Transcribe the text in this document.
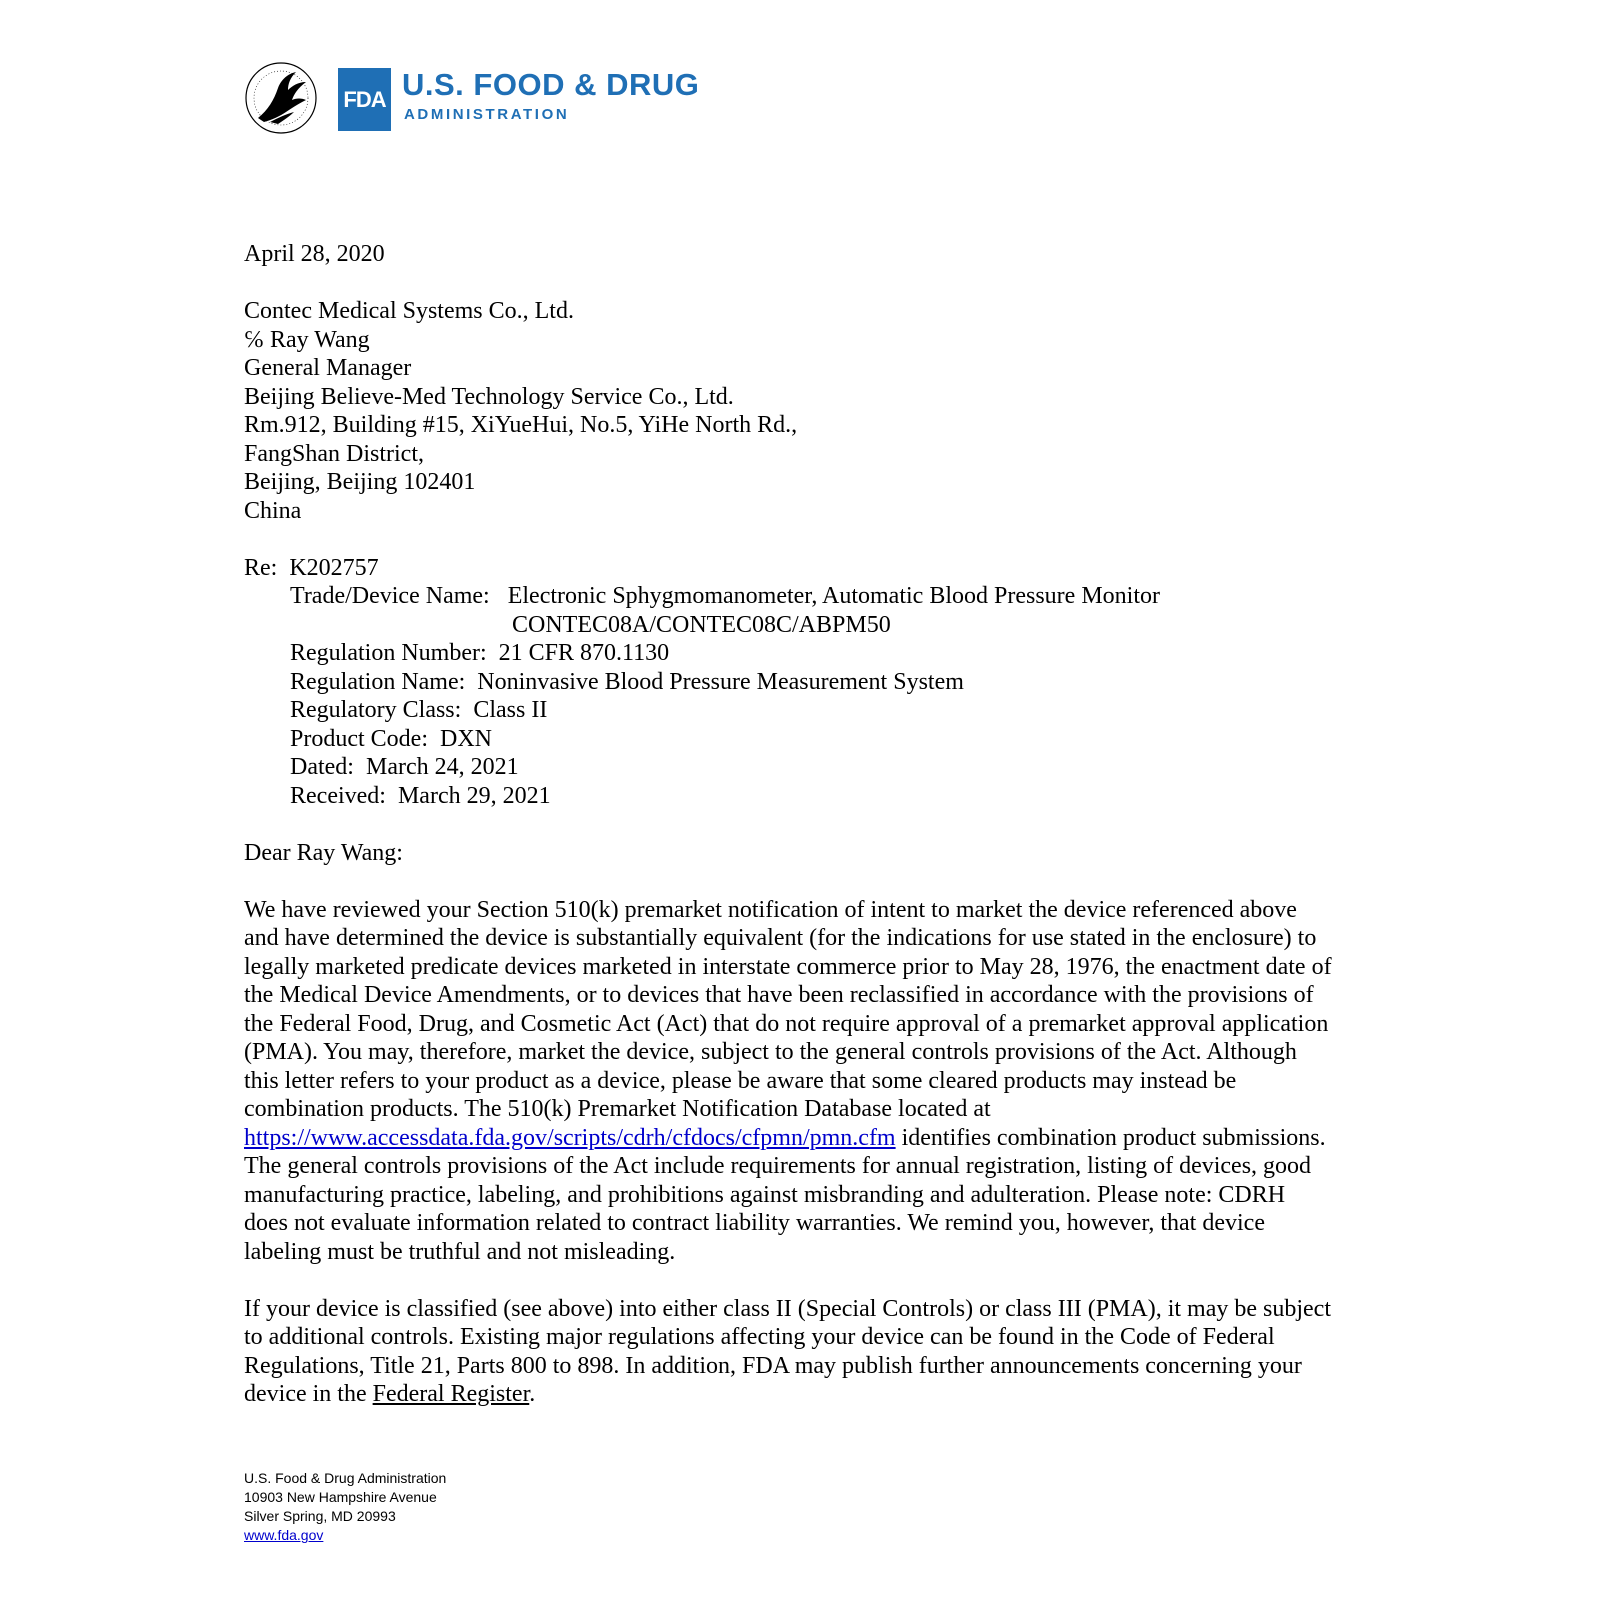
FDA U.S. FOOD & DRUG
ADMINISTRATION

April 28, 2020

Contec Medical Systems Co., Ltd.

℅ Ray Wang

General Manager

Beijing Believe-Med Technology Service Co., Ltd.

Rm.912, Building #15, XiYueHui, No.5, YiHe North Rd.,

FangShan District,

Beijing, Beijing 102401

China

Re: K202757

Trade/Device Name: Electronic Sphygmomanometer, Automatic Blood Pressure Monitor

CONTEC08A/CONTEC08C/ABPM50

Regulation Number: 21 CFR 870.1130

Regulation Name: Noninvasive Blood Pressure Measurement System

Regulatory Class: Class II

Product Code: DXN

Dated: March 24, 2021

Received: March 29, 2021

Dear Ray Wang:

We have reviewed your Section 510(k) premarket notification of intent to market the device referenced above and have determined the device is substantially equivalent (for the indications for use stated in the enclosure) to legally marketed predicate devices marketed in interstate commerce prior to May 28, 1976, the enactment date of the Medical Device Amendments, or to devices that have been reclassified in accordance with the provisions of the Federal Food, Drug, and Cosmetic Act (Act) that do not require approval of a premarket approval application (PMA). You may, therefore, market the device, subject to the general controls provisions of the Act. Although this letter refers to your product as a device, please be aware that some cleared products may instead be combination products. The 510(k) Premarket Notification Database located at https://www.accessdata.fda.gov/scripts/cdrh/cfdocs/cfpmn/pmn.cfm identifies combination product submissions. The general controls provisions of the Act include requirements for annual registration, listing of devices, good manufacturing practice, labeling, and prohibitions against misbranding and adulteration. Please note: CDRH does not evaluate information related to contract liability warranties. We remind you, however, that device labeling must be truthful and not misleading.

If your device is classified (see above) into either class II (Special Controls) or class III (PMA), it may be subject to additional controls. Existing major regulations affecting your device can be found in the Code of Federal Regulations, Title 21, Parts 800 to 898. In addition, FDA may publish further announcements concerning your device in the Federal Register.

U.S. Food & Drug Administration
10903 New Hampshire Avenue
Silver Spring, MD 20993
www.fda.gov
